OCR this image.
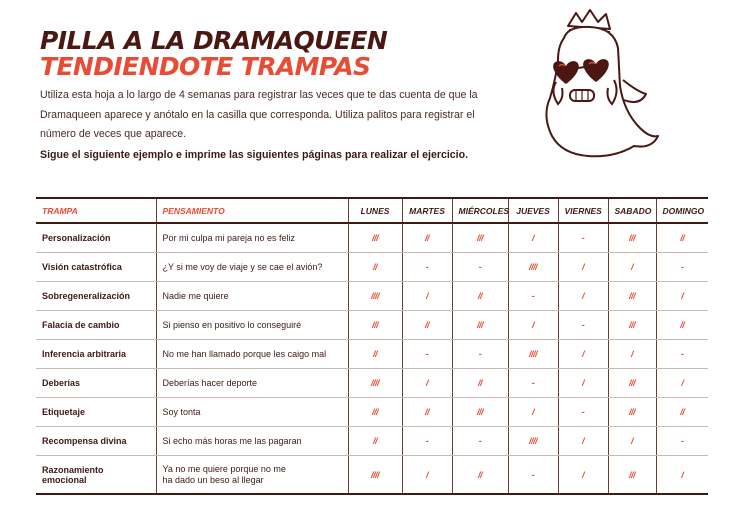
PILLA A LA DRAMAQUEEN
TENDIENDOTE TRAMPAS

Utiliza esta hoja a lo largo de 4 semanas para registrar las veces que te das cuenta de que la Dramaqueen aparece y anótalo en la casilla que corresponda. Utiliza palitos para registrar el número de veces que aparece.

Sigue el siguiente ejemplo e imprime las siguientes páginas para realizar el ejercicio.

TRAMPA	PENSAMIENTO	LUNES	MARTES	MIÉRCOLES	JUEVES	VIERNES	SABADO	DOMINGO
Personalización	Por mi culpa mi pareja no es feliz	///	//	///	/	-	///	//
Visión catastrófica	¿Y si me voy de viaje y se cae el avión?	//	-	-	////	/	/	-
Sobregeneralización	Nadie me quiere	////	/	//	-	/	///	/
Falacia de cambio	Si pienso en positivo lo conseguiré	///	//	///	/	-	///	//
Inferencia arbitraria	No me han llamado porque les caigo mal	//	-	-	////	/	/	-
Deberías	Deberías hacer deporte	////	/	//	-	/	///	/
Etiquetaje	Soy tonta	///	//	///	/	-	///	//
Recompensa divina	Si echo más horas me las pagaran	//	-	-	////	/	/	-
Razonamiento emocional	Ya no me quiere porque no me ha dado un beso al llegar	////	/	//	-	/	///	/
